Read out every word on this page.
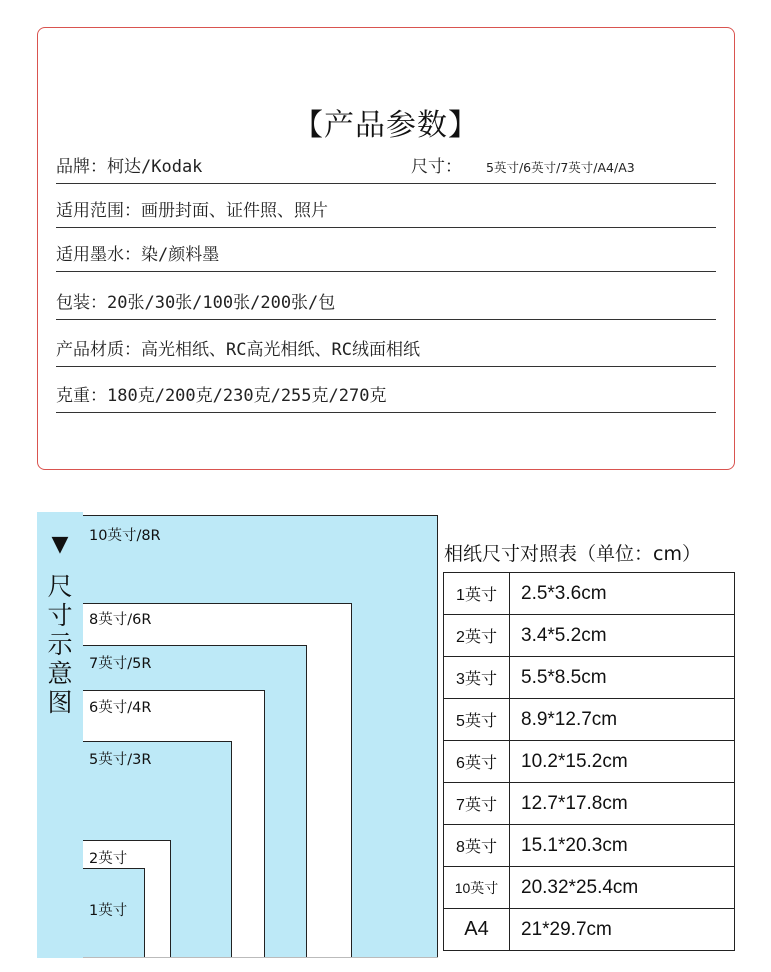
【产品参数】
品牌：柯达/Kodak	尺寸： 5英寸/6英寸/7英寸/A4/A3
适用范围：画册封面、证件照、照片
适用墨水：染/颜料墨
包装：20张/30张/100张/200张/包
产品材质：高光相纸、RC高光相纸、RC绒面相纸
克重：180克/200克/230克/255克/270克
▼
尺
寸
示
意
图
10英寸/8R
8英寸/6R
7英寸/5R
6英寸/4R
5英寸/3R
2英寸
1英寸
相纸尺寸对照表（单位：cm）
1英寸	2.5*3.6cm
2英寸	3.4*5.2cm
3英寸	5.5*8.5cm
5英寸	8.9*12.7cm
6英寸	10.2*15.2cm
7英寸	12.7*17.8cm
8英寸	15.1*20.3cm
10英寸	20.32*25.4cm
A4	21*29.7cm
